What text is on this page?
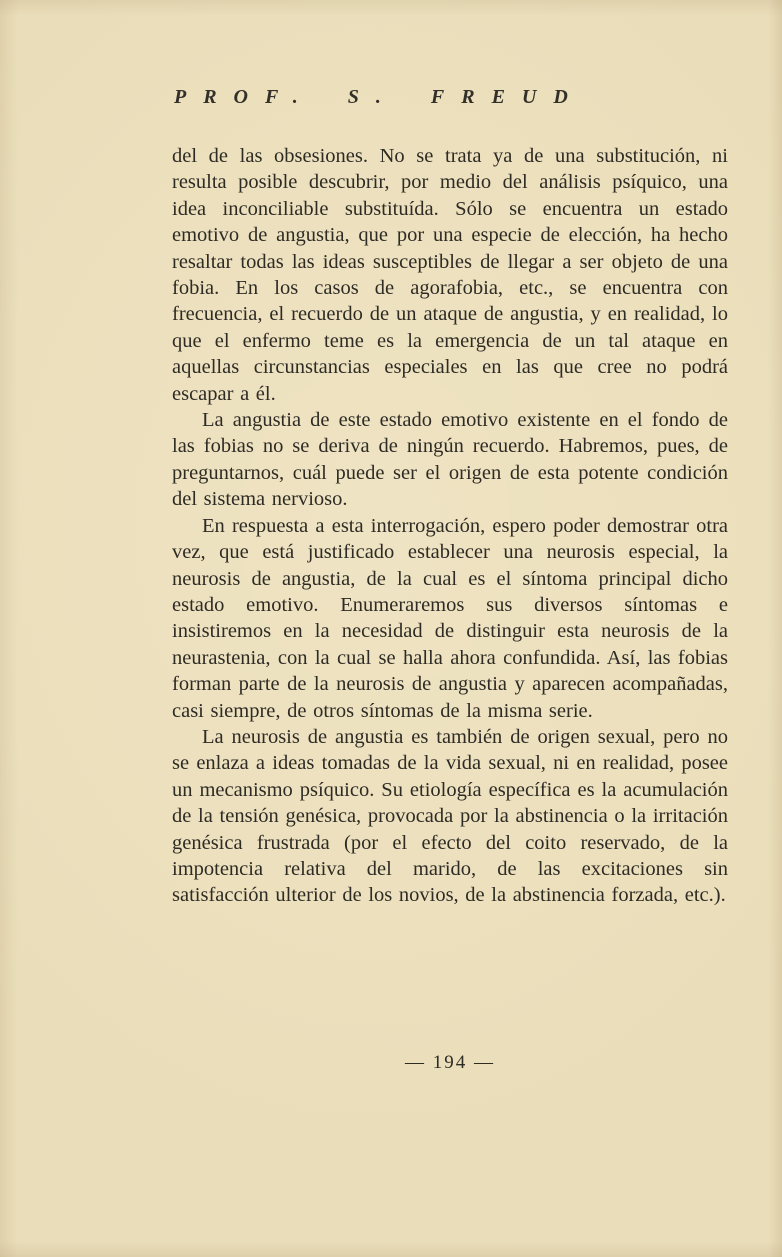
PROF. S. FREUD

del de las obsesiones. No se trata ya de una substitución, ni resulta posible descubrir, por medio del análisis psíquico, una idea inconciliable substituída. Sólo se encuentra un estado emotivo de angustia, que por una especie de elección, ha hecho resaltar todas las ideas susceptibles de llegar a ser objeto de una fobia. En los casos de agorafobia, etc., se encuentra con frecuencia, el recuerdo de un ataque de angustia, y en realidad, lo que el enfermo teme es la emergencia de un tal ataque en aquellas circunstancias especiales en las que cree no podrá escapar a él.

La angustia de este estado emotivo existente en el fondo de las fobias no se deriva de ningún recuerdo. Habremos, pues, de preguntarnos, cuál puede ser el origen de esta potente condición del sistema nervioso.

En respuesta a esta interrogación, espero poder demostrar otra vez, que está justificado establecer una neurosis especial, la neurosis de angustia, de la cual es el síntoma principal dicho estado emotivo. Enumeraremos sus diversos síntomas e insistiremos en la necesidad de distinguir esta neurosis de la neurastenia, con la cual se halla ahora confundida. Así, las fobias forman parte de la neurosis de angustia y aparecen acompañadas, casi siempre, de otros síntomas de la misma serie.

La neurosis de angustia es también de origen sexual, pero no se enlaza a ideas tomadas de la vida sexual, ni en realidad, posee un mecanismo psíquico. Su etiología específica es la acumulación de la tensión genésica, provocada por la abstinencia o la irritación genésica frustrada (por el efecto del coito reservado, de la impotencia relativa del marido, de las excitaciones sin satisfacción ulterior de los novios, de la abstinencia forzada, etc.).

— 194 —
